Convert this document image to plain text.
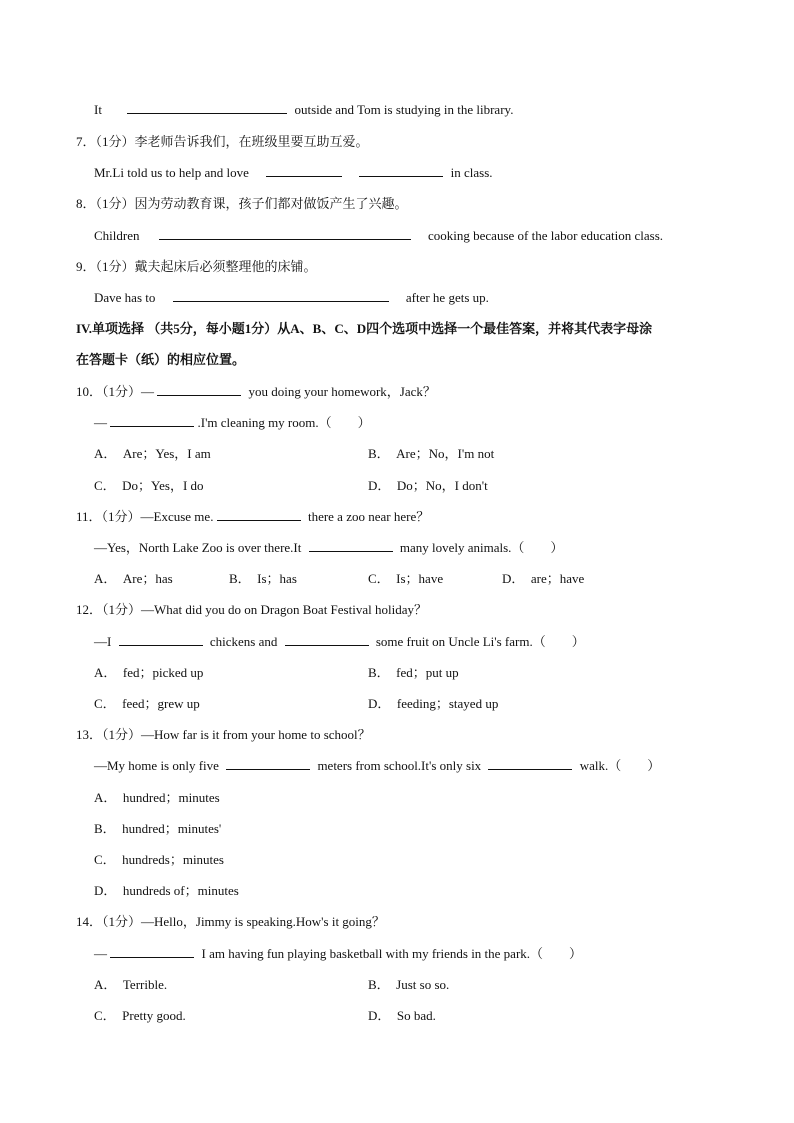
It	outside and Tom is studying in the library.
7．（1分）李老师告诉我们，在班级里要互助互爱。
Mr.Li told us to help and love	in class.
8．（1分）因为劳动教育课，孩子们都对做饭产生了兴趣。
Children	cooking because of the labor education class.
9．（1分）戴夫起床后必须整理他的床铺。
Dave has to	after he gets up.
IV.单项选择 （共5分，每小题1分）从A、B、C、D四个选项中选择一个最佳答案，并将其代表字母涂
在答题卡（纸）的相应位置。
10．（1分）—	you doing your homework，Jack？
—	.I'm cleaning my room.（　　）
A．　Are；Yes，I am	B．　Are；No，I'm not
C．　Do；Yes，I do	D．　Do；No，I don't
11．（1分）—Excuse me.	there a zoo near here？
—Yes，North Lake Zoo is over there.It	many lovely animals.（　　）
A．　Are；has	B．　Is；has	C．　Is；have	D．　are；have
12．（1分）—What did you do on Dragon Boat Festival holiday？
—I	chickens and	some fruit on Uncle Li's farm.（　　）
A．　fed；picked up	B．　fed；put up
C．　feed；grew up	D．　feeding；stayed up
13．（1分）—How far is it from your home to school？
—My home is only five	meters from school.It's only six	walk.（　　）
A．　hundred；minutes
B．　hundred；minutes'
C．　hundreds；minutes
D．　hundreds of；minutes
14．（1分）—Hello，Jimmy is speaking.How's it going？
—	I am having fun playing basketball with my friends in the park.（　　）
A．　Terrible.	B．　Just so so.
C．　Pretty good.	D．　So bad.
